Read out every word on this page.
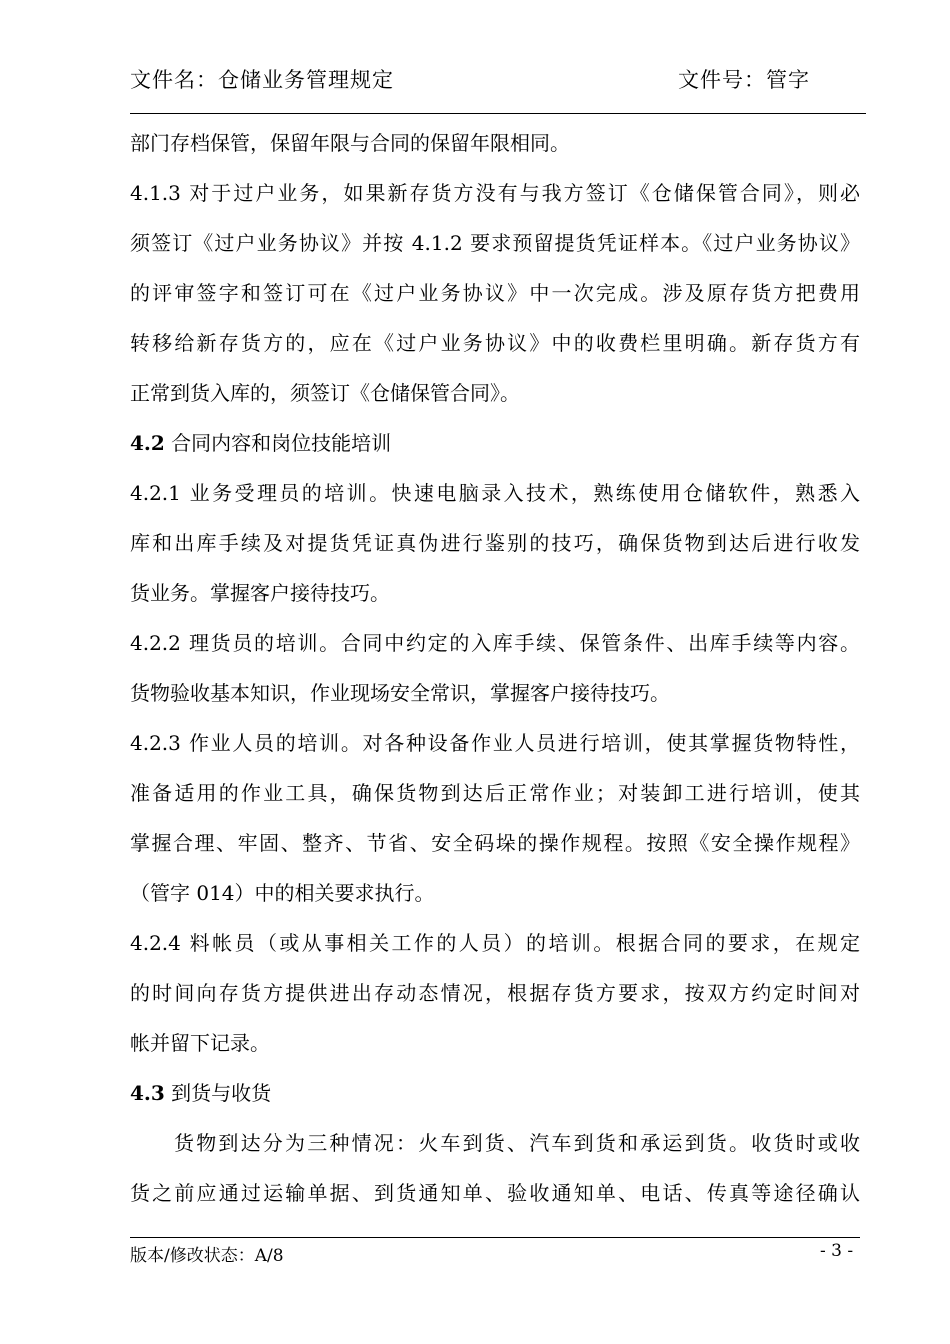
文件名：仓储业务管理规定	文件号：管字
部门存档保管，保留年限与合同的保留年限相同。
4.1.3 对于过户业务，如果新存货方没有与我方签订《仓储保管合同》，则必
须签订《过户业务协议》并按 4.1.2 要求预留提货凭证样本。《过户业务协议》
的评审签字和签订可在《过户业务协议》中一次完成。涉及原存货方把费用
转移给新存货方的，应在《过户业务协议》中的收费栏里明确。新存货方有
正常到货入库的，须签订《仓储保管合同》。
4.2 合同内容和岗位技能培训
4.2.1 业务受理员的培训。快速电脑录入技术，熟练使用仓储软件，熟悉入
库和出库手续及对提货凭证真伪进行鉴别的技巧，确保货物到达后进行收发
货业务。掌握客户接待技巧。
4.2.2 理货员的培训。合同中约定的入库手续、保管条件、出库手续等内容。
货物验收基本知识，作业现场安全常识，掌握客户接待技巧。
4.2.3 作业人员的培训。对各种设备作业人员进行培训，使其掌握货物特性，
准备适用的作业工具，确保货物到达后正常作业；对装卸工进行培训，使其
掌握合理、牢固、整齐、节省、安全码垛的操作规程。按照《安全操作规程》
（管字 014）中的相关要求执行。
4.2.4 料帐员（或从事相关工作的人员）的培训。根据合同的要求，在规定
的时间向存货方提供进出存动态情况，根据存货方要求，按双方约定时间对
帐并留下记录。
4.3 到货与收货
货物到达分为三种情况：火车到货、汽车到货和承运到货。收货时或收
货之前应通过运输单据、到货通知单、验收通知单、电话、传真等途径确认
版本/修改状态：A/8	- 3 -
